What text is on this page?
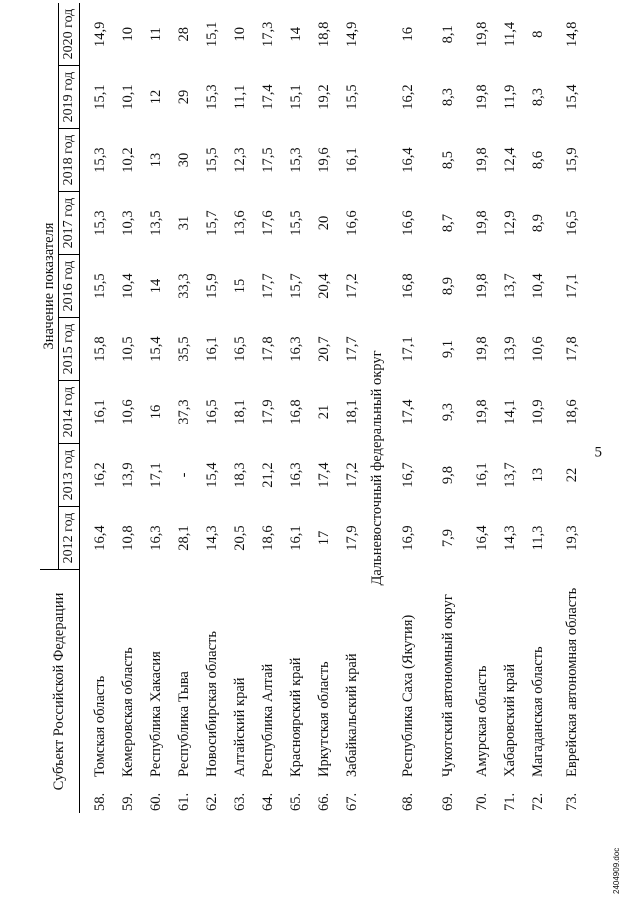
5
Субъект Российской Федерации		Значение показателя								
		2012 год	2013 год	2014 год	2015 год	2016 год	2017 год	2018 год	2019 год	2020 год

58.	Томская область	16,4	16,2	16,1	15,8	15,5	15,3	15,3	15,1	14,9
59.	Кемеровская область	10,8	13,9	10,6	10,5	10,4	10,3	10,2	10,1	10
60.	Республика Хакасия	16,3	17,1	16	15,4	14	13,5	13	12	11
61.	Республика Тыва	28,1	-	37,3	35,5	33,3	31	30	29	28
62.	Новосибирская область	14,3	15,4	16,5	16,1	15,9	15,7	15,5	15,3	15,1
63.	Алтайский край	20,5	18,3	18,1	16,5	15	13,6	12,3	11,1	10
64.	Республика Алтай	18,6	21,2	17,9	17,8	17,7	17,6	17,5	17,4	17,3
65.	Красноярский край	16,1	16,3	16,8	16,3	15,7	15,5	15,3	15,1	14
66.	Иркутская область	17	17,4	21	20,7	20,4	20	19,6	19,2	18,8
67.	Забайкальский край	17,9	17,2	18,1	17,7	17,2	16,6	16,1	15,5	14,9
Дальневосточный федеральный округ										
68.	Республика Саха (Якутия)	16,9	16,7	17,4	17,1	16,8	16,6	16,4	16,2	16
69.	Чукотский автономный округ	7,9	9,8	9,3	9,1	8,9	8,7	8,5	8,3	8,1
70.	Амурская область	16,4	16,1	19,8	19,8	19,8	19,8	19,8	19,8	19,8
71.	Хабаровский край	14,3	13,7	14,1	13,9	13,7	12,9	12,4	11,9	11,4
72.	Магаданская область	11,3	13	10,9	10,6	10,4	8,9	8,6	8,3	8
73.	Еврейская автономная область	19,3	22	18,6	17,8	17,1	16,5	15,9	15,4	14,8
2404909.doc
